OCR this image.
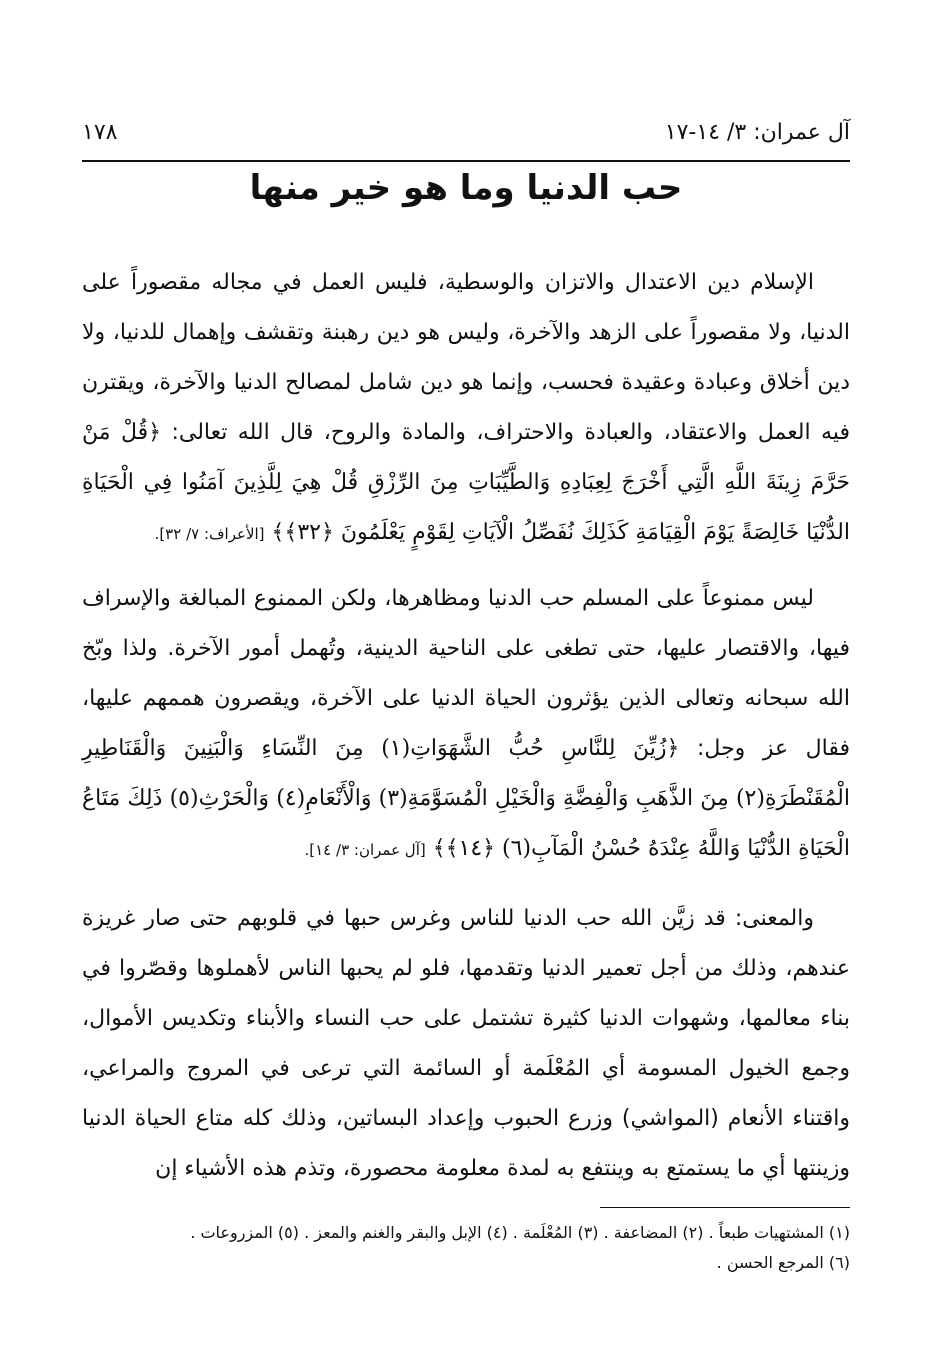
آل عمران: ٣/ ١٤-١٧
١٧٨
حب الدنيا وما هو خير منها

الإسلام دين الاعتدال والاتزان والوسطية، فليس العمل في مجاله مقصوراً على الدنيا، ولا مقصوراً على الزهد والآخرة، وليس هو دين رهبنة وتقشف وإهمال للدنيا، ولا دين أخلاق وعبادة وعقيدة فحسب، وإنما هو دين شامل لمصالح الدنيا والآخرة، ويقترن فيه العمل والاعتقاد، والعبادة والاحتراف، والمادة والروح، قال الله تعالى: ﴿قُلْ مَنْ حَرَّمَ زِينَةَ اللَّهِ الَّتِي أَخْرَجَ لِعِبَادِهِ وَالطَّيِّبَاتِ مِنَ الرِّزْقِ قُلْ هِيَ لِلَّذِينَ آمَنُوا فِي الْحَيَاةِ الدُّنْيَا خَالِصَةً يَوْمَ الْقِيَامَةِ كَذَلِكَ نُفَصِّلُ الْآيَاتِ لِقَوْمٍ يَعْلَمُونَ ﴿٣٢﴾﴾ [الأعراف: ٧/ ٣٢].

ليس ممنوعاً على المسلم حب الدنيا ومظاهرها، ولكن الممنوع المبالغة والإسراف فيها، والاقتصار عليها، حتى تطغى على الناحية الدينية، وتُهمل أمور الآخرة. ولذا وبّخ الله سبحانه وتعالى الذين يؤثرون الحياة الدنيا على الآخرة، ويقصرون هممهم عليها، فقال عز وجل: ﴿زُيِّنَ لِلنَّاسِ حُبُّ الشَّهَوَاتِ(١) مِنَ النِّسَاءِ وَالْبَنِينَ وَالْقَنَاطِيرِ الْمُقَنْطَرَةِ(٢) مِنَ الذَّهَبِ وَالْفِضَّةِ وَالْخَيْلِ الْمُسَوَّمَةِ(٣) وَالْأَنْعَامِ(٤) وَالْحَرْثِ(٥) ذَلِكَ مَتَاعُ الْحَيَاةِ الدُّنْيَا وَاللَّهُ عِنْدَهُ حُسْنُ الْمَآبِ(٦) ﴿١٤﴾﴾ [آل عمران: ٣/ ١٤].

والمعنى: قد زيَّن الله حب الدنيا للناس وغرس حبها في قلوبهم حتى صار غريزة عندهم، وذلك من أجل تعمير الدنيا وتقدمها، فلو لم يحبها الناس لأهملوها وقصّروا في بناء معالمها، وشهوات الدنيا كثيرة تشتمل على حب النساء والأبناء وتكديس الأموال، وجمع الخيول المسومة أي المُعْلَمة أو السائمة التي ترعى في المروج والمراعي، واقتناء الأنعام (المواشي) وزرع الحبوب وإعداد البساتين، وذلك كله متاع الحياة الدنيا وزينتها أي ما يستمتع به وينتفع به لمدة معلومة محصورة، وتذم هذه الأشياء إن

(١) المشتهيات طبعاً . (٢) المضاعفة . (٣) المُعْلَمة . (٤) الإبل والبقر والغنم والمعز . (٥) المزروعات .
(٦) المرجع الحسن .
